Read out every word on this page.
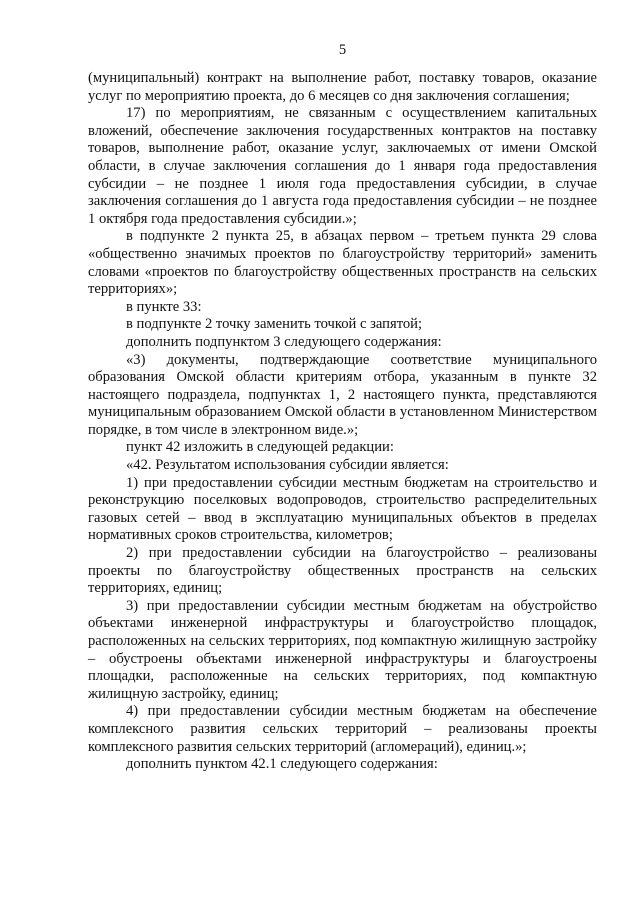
5

(муниципальный) контракт на выполнение работ, поставку товаров, оказание услуг по мероприятию проекта, до 6 месяцев со дня заключения соглашения;

17) по мероприятиям, не связанным с осуществлением капитальных вложений, обеспечение заключения государственных контрактов на поставку товаров, выполнение работ, оказание услуг, заключаемых от имени Омской области, в случае заключения соглашения до 1 января года предоставления субсидии – не позднее 1 июля года предоставления субсидии, в случае заключения соглашения до 1 августа года предоставления субсидии – не позднее 1 октября года предоставления субсидии.»;

в подпункте 2 пункта 25, в абзацах первом – третьем пункта 29 слова «общественно значимых проектов по благоустройству территорий» заменить словами «проектов по благоустройству общественных пространств на сельских территориях»;

в пункте 33:

в подпункте 2 точку заменить точкой с запятой;

дополнить подпунктом 3 следующего содержания:

«3) документы, подтверждающие соответствие муниципального образования Омской области критериям отбора, указанным в пункте 32 настоящего подраздела, подпунктах 1, 2 настоящего пункта, представляются муниципальным образованием Омской области в установленном Министерством порядке, в том числе в электронном виде.»;

пункт 42 изложить в следующей редакции:

«42. Результатом использования субсидии является:

1) при предоставлении субсидии местным бюджетам на строительство и реконструкцию поселковых водопроводов, строительство распределительных газовых сетей – ввод в эксплуатацию муниципальных объектов в пределах нормативных сроков строительства, километров;

2) при предоставлении субсидии на благоустройство – реализованы проекты по благоустройству общественных пространств на сельских территориях, единиц;

3) при предоставлении субсидии местным бюджетам на обустройство объектами инженерной инфраструктуры и благоустройство площадок, расположенных на сельских территориях, под компактную жилищную застройку – обустроены объектами инженерной инфраструктуры и благоустроены площадки, расположенные на сельских территориях, под компактную жилищную застройку, единиц;

4) при предоставлении субсидии местным бюджетам на обеспечение комплексного развития сельских территорий – реализованы проекты комплексного развития сельских территорий (агломераций), единиц.»;

дополнить пунктом 42.1 следующего содержания:
